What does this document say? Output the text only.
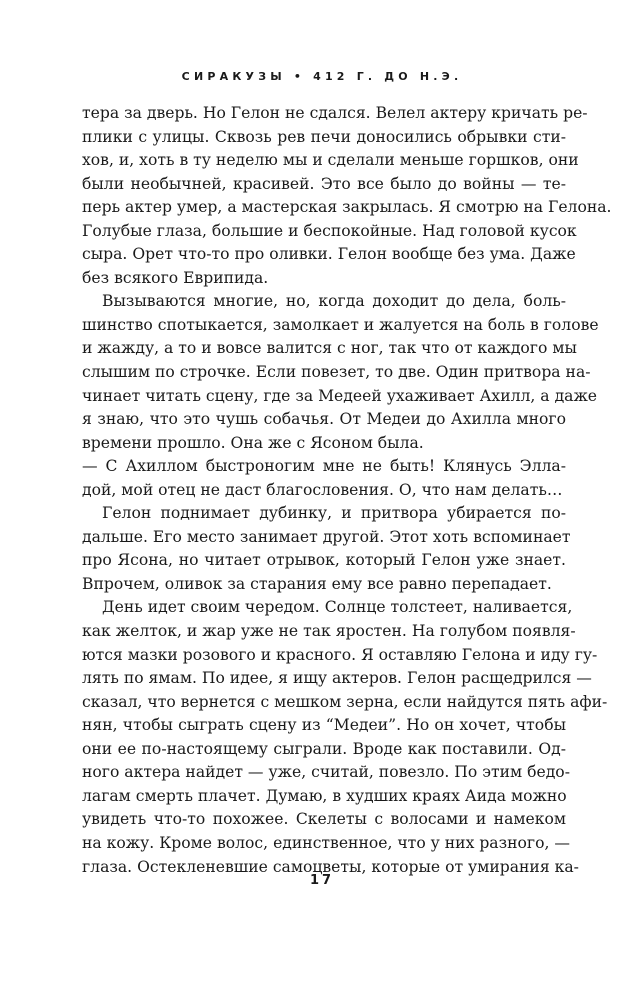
СИРАКУЗЫ • 412 Г. ДО Н.Э.
тера за дверь. Но Гелон не сдался. Велел актеру кричать ре-
плики с улицы. Сквозь рев печи доносились обрывки сти-
хов, и, хоть в ту неделю мы и сделали меньше горшков, они
были необычней, красивей. Это все было до войны — те-
перь актер умер, а мастерская закрылась. Я смотрю на Гелона.
Голубые глаза, большие и беспокойные. Над головой кусок
сыра. Орет что-то про оливки. Гелон вообще без ума. Даже
без всякого Еврипида.
Вызываются многие, но, когда доходит до дела, боль-
шинство спотыкается, замолкает и жалуется на боль в голове
и жажду, а то и вовсе валится с ног, так что от каждого мы
слышим по строчке. Если повезет, то две. Один притвора на-
чинает читать сцену, где за Медеей ухаживает Ахилл, а даже
я знаю, что это чушь собачья. От Медеи до Ахилла много
времени прошло. Она же с Ясоном была.
— С Ахиллом быстроногим мне не быть! Клянусь Элла-
дой, мой отец не даст благословения. О, что нам делать…
Гелон поднимает дубинку, и притвора убирается по-
дальше. Его место занимает другой. Этот хоть вспоминает
про Ясона, но читает отрывок, который Гелон уже знает.
Впрочем, оливок за старания ему все равно перепадает.
День идет своим чередом. Солнце толстеет, наливается,
как желток, и жар уже не так яростен. На голубом появля-
ются мазки розового и красного. Я оставляю Гелона и иду гу-
лять по ямам. По идее, я ищу актеров. Гелон расщедрился —
сказал, что вернется с мешком зерна, если найдутся пять афи-
нян, чтобы сыграть сцену из “Медеи”. Но он хочет, чтобы
они ее по-настоящему сыграли. Вроде как поставили. Од-
ного актера найдет — уже, считай, повезло. По этим бедо-
лагам смерть плачет. Думаю, в худших краях Аида можно
увидеть что-то похожее. Скелеты с волосами и намеком
на кожу. Кроме волос, единственное, что у них разного, —
глаза. Остекленевшие самоцветы, которые от умирания ка-
17
